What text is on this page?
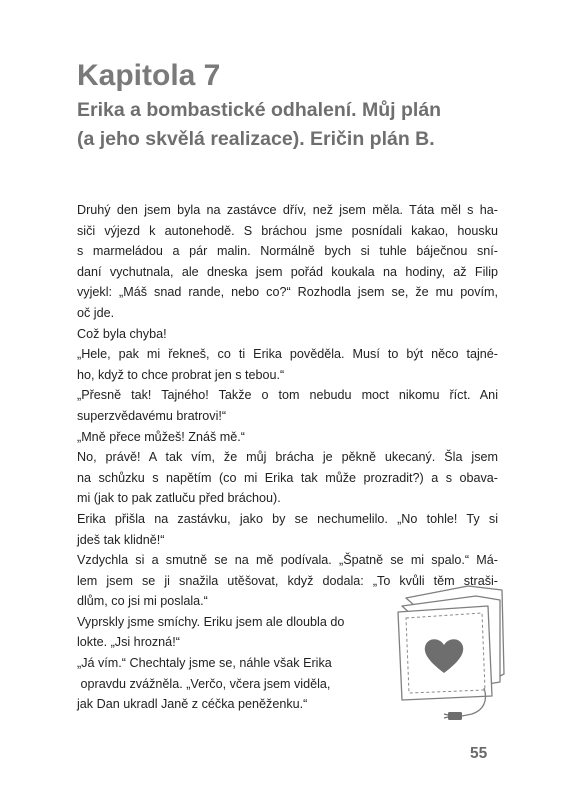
Kapitola 7
Erika a bombastické odhalení. Můj plán
(a jeho skvělá realizace). Eričin plán B.
Druhý den jsem byla na zastávce dřív, než jsem měla. Táta měl s ha-
siči výjezd k autonehodě. S bráchou jsme posnídali kakao, housku
s marmeládou a pár malin. Normálně bych si tuhle báječnou sní-
daní vychutnala, ale dneska jsem pořád koukala na hodiny, až Filip
vyjekl: „Máš snad rande, nebo co?“ Rozhodla jsem se, že mu povím,
oč jde.
Což byla chyba!
„Hele, pak mi řekneš, co ti Erika pověděla. Musí to být něco tajné-
ho, když to chce probrat jen s tebou.“
„Přesně tak! Tajného! Takže o tom nebudu moct nikomu říct. Ani
superzvědavému bratrovi!“
„Mně přece můžeš! Znáš mě.“
No, právě! A tak vím, že můj brácha je pěkně ukecaný. Šla jsem
na schůzku s napětím (co mi Erika tak může prozradit?) a s obava-
mi (jak to pak zatluču před bráchou).
Erika přišla na zastávku, jako by se nechumelilo. „No tohle! Ty si
jdeš tak klidně!“
Vzdychla si a smutně se na mě podívala. „Špatně se mi spalo.“ Má-
lem jsem se ji snažila utěšovat, když dodala: „To kvůli těm straši-
dlům, co jsi mi poslala.“
Vyprskly jsme smíchy. Eriku jsem ale dloubla do
lokte. „Jsi hrozná!“
„Já vím.“ Chechtaly jsme se, náhle však Erika
opravdu zvážněla. „Verčo, včera jsem viděla,
jak Dan ukradl Janě z céčka peněženku.“
55
